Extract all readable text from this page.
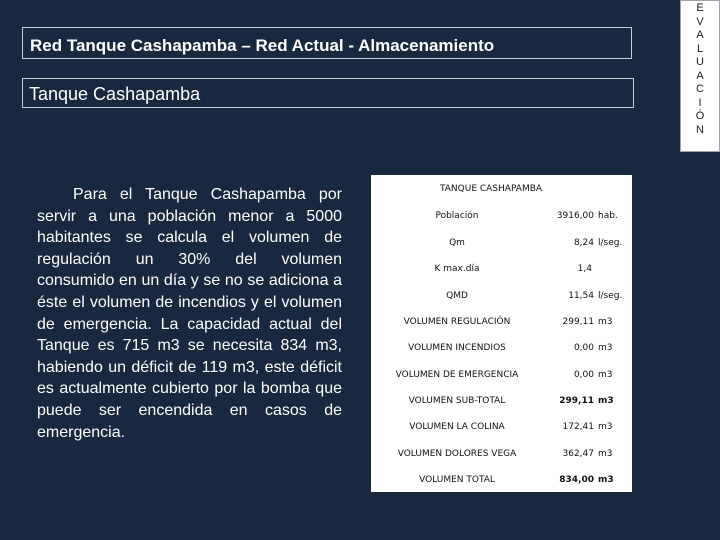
Red Tanque Cashapamba – Red Actual - Almacenamiento
Tanque Cashapamba
E
V
A
L
U
A
C
I
Ó
N
Para el Tanque Cashapamba por servir a una población menor a 5000 habitantes se calcula el volumen de regulación un 30% del volumen consumido en un día y se no se adiciona a éste el volumen de incendios y el volumen de emergencia. La capacidad actual del Tanque es 715 m3 se necesita 834 m3, habiendo un déficit de 119 m3, este déficit es actualmente cubierto por la bomba que puede ser encendida en casos de emergencia.
TANQUE CASHAPAMBA
Población	3916,00 hab.
Qm	8,24 l/seg.
K max.día	1,4
QMD	11,54 l/seg.
VOLUMEN REGULACIÓN	299,11 m3
VOLUMEN INCENDIOS	0,00 m3
VOLUMEN DE EMERGENCIA	0,00 m3
VOLUMEN SUB-TOTAL	299,11 m3
VOLUMEN LA COLINA	172,41 m3
VOLUMEN DOLORES VEGA	362,47 m3
VOLUMEN TOTAL	834,00 m3
